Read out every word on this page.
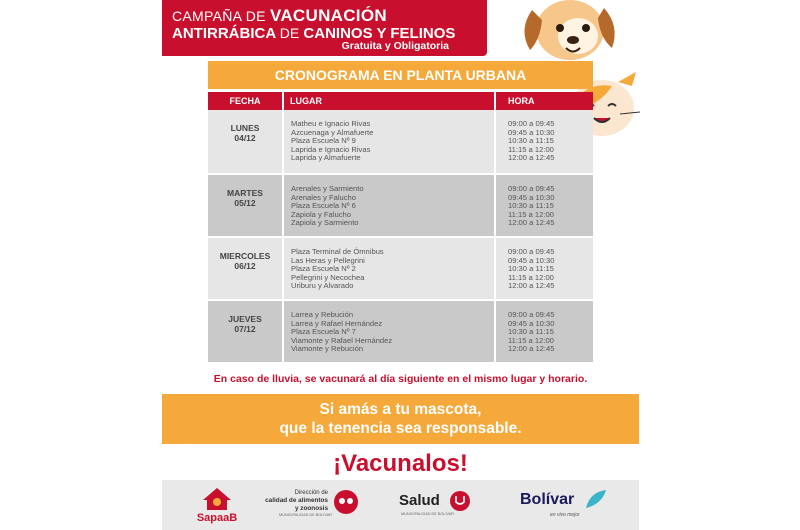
CAMPAÑA DE VACUNACIÓN
ANTIRRÁBICA DE CANINOS Y FELINOS
Gratuita y Obligatoria
CRONOGRAMA EN PLANTA URBANA
FECHA	LUGAR	HORA
LUNES
04/12
Matheu e Ignacio Rivas
Azcuenaga y Almafuerte
Plaza Escuela Nº 9
Laprida e Ignacio Rivas
Laprida y Almafuerte
09:00 a 09:45
09:45 a 10:30
10:30 a 11:15
11:15 a 12:00
12:00 a 12:45
MARTES
05/12
Arenales y Sarmiento
Arenales y Falucho
Plaza Escuela Nº 6
Zapiola y Falucho
Zapiola y Sarmiento
09:00 a 09:45
09:45 a 10:30
10:30 a 11:15
11:15 a 12:00
12:00 a 12:45
MIERCOLES
06/12
Plaza Terminal de Ómnibus
Las Heras y Pellegrini
Plaza Escuela Nº 2
Pellegrini y Necochea
Uriburu y Alvarado
09:00 a 09:45
09:45 a 10:30
10:30 a 11:15
11:15 a 12:00
12:00 a 12:45
JUEVES
07/12
Larrea y Rebución
Larrea y Rafael Hernández
Plaza Escuela Nº 7
Viamonte y Rafael Hernández
Viamonte y Rebución
09:00 a 09:45
09:45 a 10:30
10:30 a 11:15
11:15 a 12:00
12:00 a 12:45
En caso de lluvia, se vacunará al día siguiente en el mismo lugar y horario.
Si amás a tu mascota,
que la tenencia sea responsable.
¡Vacunalos!
SapaaB
Dirección de
calidad de alimentos
y zoonosis
MUNICIPALIDAD DE BOLÍVAR
Salud
MUNICIPALIDAD DE BOLÍVAR
Bolívar
en vivo mejor
